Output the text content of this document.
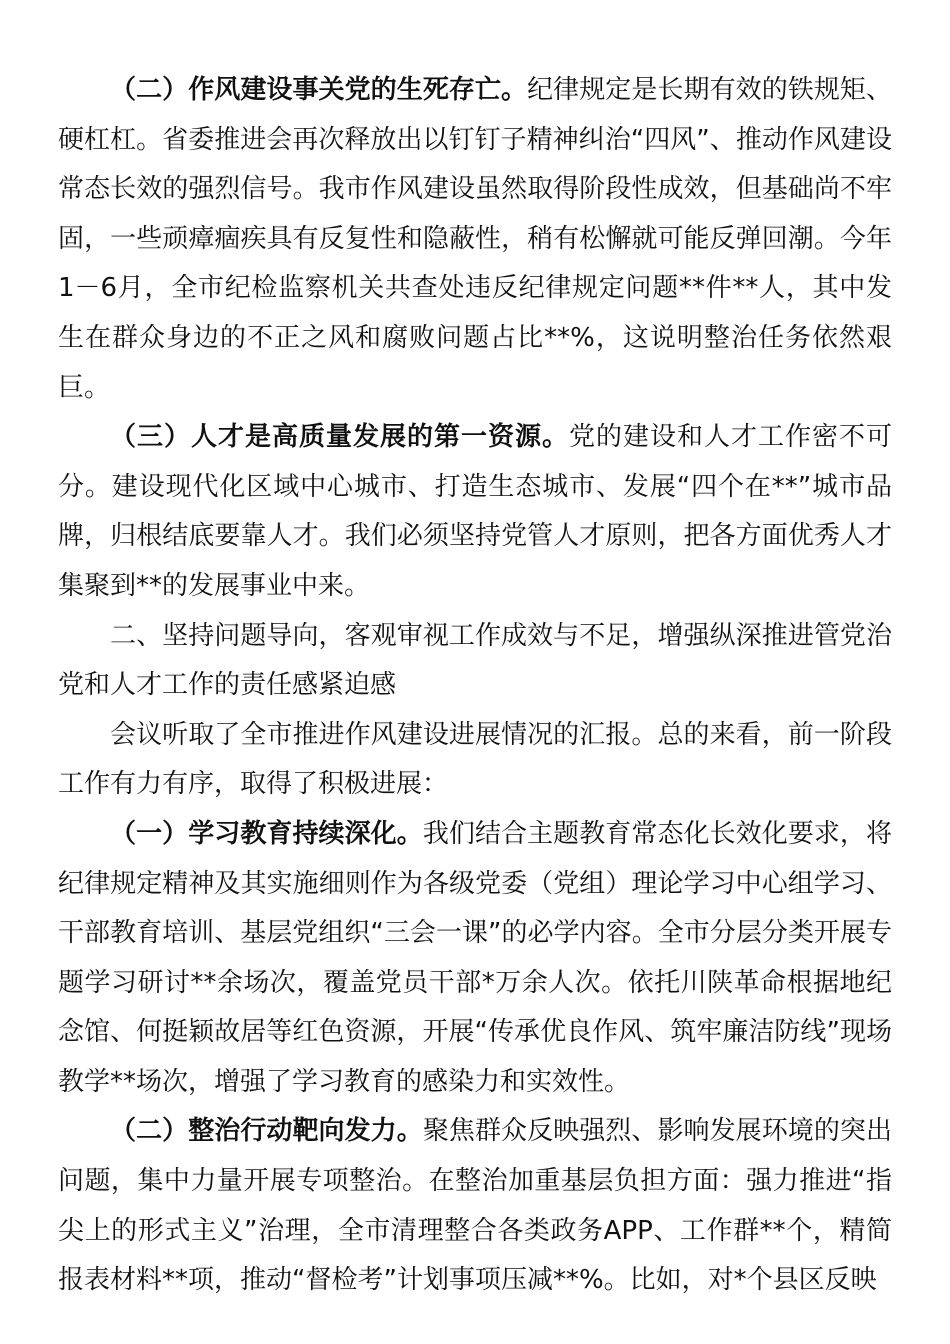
（二）作风建设事关党的生死存亡。纪律规定是长期有效的铁规矩、硬杠杠。省委推进会再次释放出以钉钉子精神纠治“四风”、推动作风建设常态长效的强烈信号。我市作风建设虽然取得阶段性成效，但基础尚不牢固，一些顽瘴痼疾具有反复性和隐蔽性，稍有松懈就可能反弹回潮。今年1－6月，全市纪检监察机关共查处违反纪律规定问题**件**人，其中发生在群众身边的不正之风和腐败问题占比**%，这说明整治任务依然艰巨。

（三）人才是高质量发展的第一资源。党的建设和人才工作密不可分。建设现代化区域中心城市、打造生态城市、发展“四个在**”城市品牌，归根结底要靠人才。我们必须坚持党管人才原则，把各方面优秀人才集聚到**的发展事业中来。

二、坚持问题导向，客观审视工作成效与不足，增强纵深推进管党治党和人才工作的责任感紧迫感

会议听取了全市推进作风建设进展情况的汇报。总的来看，前一阶段工作有力有序，取得了积极进展：

（一）学习教育持续深化。我们结合主题教育常态化长效化要求，将纪律规定精神及其实施细则作为各级党委（党组）理论学习中心组学习、干部教育培训、基层党组织“三会一课”的必学内容。全市分层分类开展专题学习研讨**余场次，覆盖党员干部*万余人次。依托川陕革命根据地纪念馆、何挺颖故居等红色资源，开展“传承优良作风、筑牢廉洁防线”现场教学**场次，增强了学习教育的感染力和实效性。

（二）整治行动靶向发力。聚焦群众反映强烈、影响发展环境的突出问题，集中力量开展专项整治。在整治加重基层负担方面：强力推进“指尖上的形式主义”治理，全市清理整合各类政务APP、工作群**个，精简报表材料**项，推动“督检考”计划事项压减**%。比如，对*个县区反映
